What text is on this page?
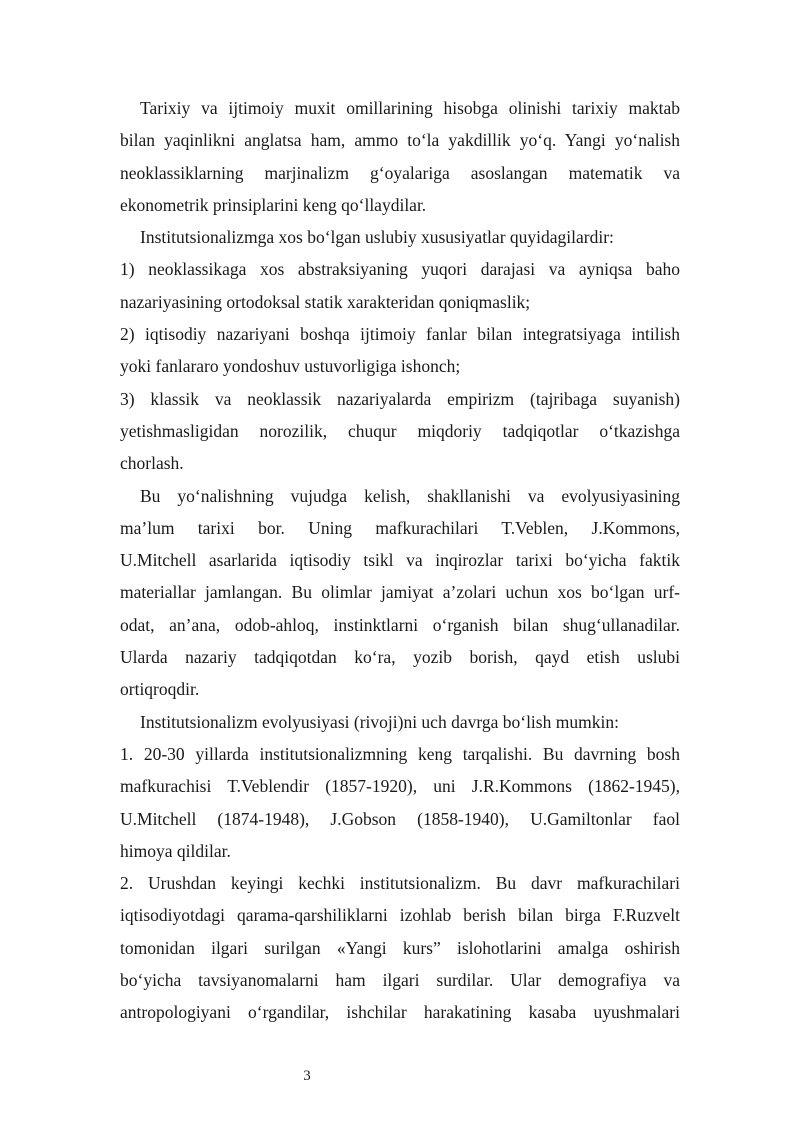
Tarixiy va ijtimoiy muxit omillarining hisobga olinishi tarixiy maktab
bilan yaqinlikni anglatsa ham, ammo to‘la yakdillik yo‘q. Yangi yo‘nalish
neoklassiklarning marjinalizm g‘oyalariga asoslangan matematik va
ekonometrik prinsiplarini keng qo‘llaydilar.
Institutsionalizmga xos bo‘lgan uslubiy xususiyatlar quyidagilardir:
1) neoklassikaga xos abstraksiyaning yuqori darajasi va ayniqsa baho
nazariyasining ortodoksal statik xarakteridan qoniqmaslik;
2) iqtisodiy nazariyani boshqa ijtimoiy fanlar bilan integratsiyaga intilish
yoki fanlararo yondoshuv ustuvorligiga ishonch;
3) klassik va neoklassik nazariyalarda empirizm (tajribaga suyanish)
yetishmasligidan norozilik, chuqur miqdoriy tadqiqotlar o‘tkazishga
chorlash.
Bu yo‘nalishning vujudga kelish, shakllanishi va evolyusiyasining
ma’lum tarixi bor. Uning mafkurachilari T.Veblen, J.Kommons,
U.Mitchell asarlarida iqtisodiy tsikl va inqirozlar tarixi bo‘yicha faktik
materiallar jamlangan. Bu olimlar jamiyat a’zolari uchun xos bo‘lgan urf-
odat, an’ana, odob-ahloq, instinktlarni o‘rganish bilan shug‘ullanadilar.
Ularda nazariy tadqiqotdan ko‘ra, yozib borish, qayd etish uslubi
ortiqroqdir.
Institutsionalizm evolyusiyasi (rivoji)ni uch davrga bo‘lish mumkin:
1. 20-30 yillarda institutsionalizmning keng tarqalishi. Bu davrning bosh
mafkurachisi T.Veblendir (1857-1920), uni J.R.Kommons (1862-1945),
U.Mitchell (1874-1948), J.Gobson (1858-1940), U.Gamiltonlar faol
himoya qildilar.
2. Urushdan keyingi kechki institutsionalizm. Bu davr mafkurachilari
iqtisodiyotdagi qarama-qarshiliklarni izohlab berish bilan birga F.Ruzvelt
tomonidan ilgari surilgan «Yangi kurs” islohotlarini amalga oshirish
bo‘yicha tavsiyanomalarni ham ilgari surdilar. Ular demografiya va
antropologiyani o‘rgandilar, ishchilar harakatining kasaba uyushmalari
3
